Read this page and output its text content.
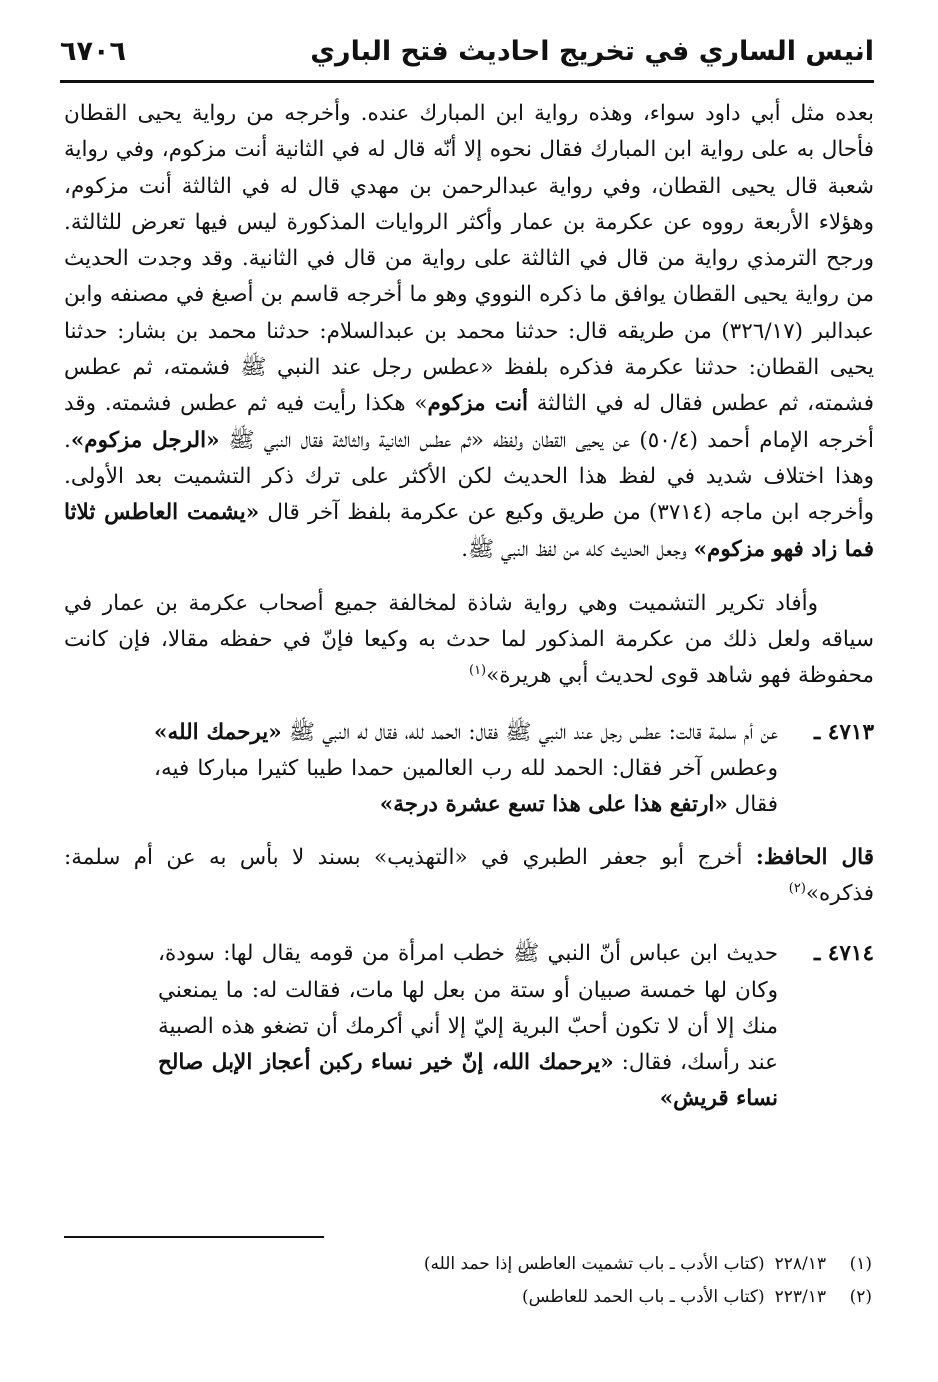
انيس الساري في تخريج احاديث فتح الباري
٦٧٠٦

بعده مثل أبي داود سواء، وهذه رواية ابن المبارك عنده. وأخرجه من رواية يحيى القطان فأحال به على رواية ابن المبارك فقال نحوه إلا أنّه قال له في الثانية أنت مزكوم، وفي رواية شعبة قال يحيى القطان، وفي رواية عبدالرحمن بن مهدي قال له في الثالثة أنت مزكوم، وهؤلاء الأربعة رووه عن عكرمة بن عمار وأكثر الروايات المذكورة ليس فيها تعرض للثالثة. ورجح الترمذي رواية من قال في الثالثة على رواية من قال في الثانية. وقد وجدت الحديث من رواية يحيى القطان يوافق ما ذكره النووي وهو ما أخرجه قاسم بن أصبغ في مصنفه وابن عبدالبر (٣٢٦/١٧) من طريقه قال: حدثنا محمد بن عبدالسلام: حدثنا محمد بن بشار: حدثنا يحيى القطان: حدثنا عكرمة فذكره بلفظ «عطس رجل عند النبي ﷺ فشمته، ثم عطس فشمته، ثم عطس فقال له في الثالثة أنت مزكوم» هكذا رأيت فيه ثم عطس فشمته. وقد أخرجه الإمام أحمد (٥٠/٤) عن يحيى القطان ولفظه «ثم عطس الثانية والثالثة فقال النبي ﷺ «الرجل مزكوم». وهذا اختلاف شديد في لفظ هذا الحديث لكن الأكثر على ترك ذكر التشميت بعد الأولى. وأخرجه ابن ماجه (٣٧١٤) من طريق وكيع عن عكرمة بلفظ آخر قال «يشمت العاطس ثلاثا فما زاد فهو مزكوم» وجعل الحديث كله من لفظ النبي ﷺ.

وأفاد تكرير التشميت وهي رواية شاذة لمخالفة جميع أصحاب عكرمة بن عمار في سياقه ولعل ذلك من عكرمة المذكور لما حدث به وكيعا فإنّ في حفظه مقالا، فإن كانت محفوظة فهو شاهد قوى لحديث أبي هريرة»$^{(١)}$

٤٧١٣ ـ
عن أم سلمة قالت: عطس رجل عند النبي ﷺ فقال: الحمد لله، فقال له النبي ﷺ «يرحمك الله» وعطس آخر فقال: الحمد لله رب العالمين حمدا طيبا كثيرا مباركا فيه، فقال «ارتفع هذا على هذا تسع عشرة درجة»

قال الحافظ: أخرج أبو جعفر الطبري في «التهذيب» بسند لا بأس به عن أم سلمة: فذكره»$^{(٢)}$

٤٧١٤ ـ
حديث ابن عباس أنّ النبي ﷺ خطب امرأة من قومه يقال لها: سودة، وكان لها خمسة صبيان أو ستة من بعل لها مات، فقالت له: ما يمنعني منك إلا أن لا تكون أحبّ البرية إليّ إلا أني أكرمك أن تضغو هذه الصبية عند رأسك، فقال: «يرحمك الله، إنّ خير نساء ركبن أعجاز الإبل صالح نساء قريش»
(١)٢٢٨/١٣(كتاب الأدب ـ باب تشميت العاطس إذا حمد الله)
(٢)٢٢٣/١٣(كتاب الأدب ـ باب الحمد للعاطس)
